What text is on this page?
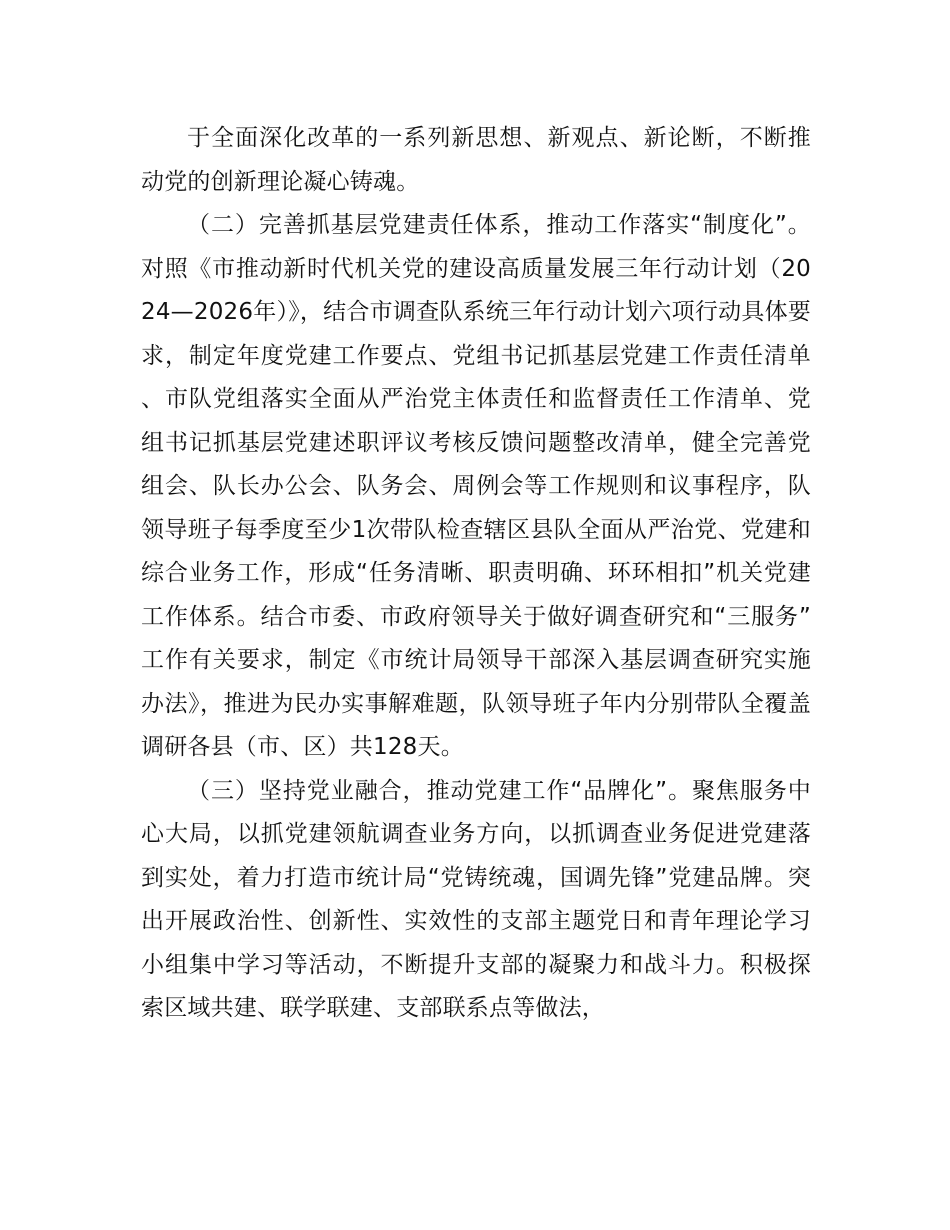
于全面深化改革的一系列新思想、新观点、新论断，不断推动党的创新理论凝心铸魂。

（二）完善抓基层党建责任体系，推动工作落实“制度化”。对照《市推动新时代机关党的建设高质量发展三年行动计划（2024—2026年）》，结合市调查队系统三年行动计划六项行动具体要求，制定年度党建工作要点、党组书记抓基层党建工作责任清单、市队党组落实全面从严治党主体责任和监督责任工作清单、党组书记抓基层党建述职评议考核反馈问题整改清单，健全完善党组会、队长办公会、队务会、周例会等工作规则和议事程序，队领导班子每季度至少1次带队检查辖区县队全面从严治党、党建和综合业务工作，形成“任务清晰、职责明确、环环相扣”机关党建工作体系。结合市委、市政府领导关于做好调查研究和“三服务”工作有关要求，制定《市统计局领导干部深入基层调查研究实施办法》，推进为民办实事解难题，队领导班子年内分别带队全覆盖调研各县（市、区）共128天。

（三）坚持党业融合，推动党建工作“品牌化”。聚焦服务中心大局，以抓党建领航调查业务方向，以抓调查业务促进党建落到实处，着力打造市统计局“党铸统魂，国调先锋”党建品牌。突出开展政治性、创新性、实效性的支部主题党日和青年理论学习小组集中学习等活动，不断提升支部的凝聚力和战斗力。积极探索区域共建、联学联建、支部联系点等做法，
